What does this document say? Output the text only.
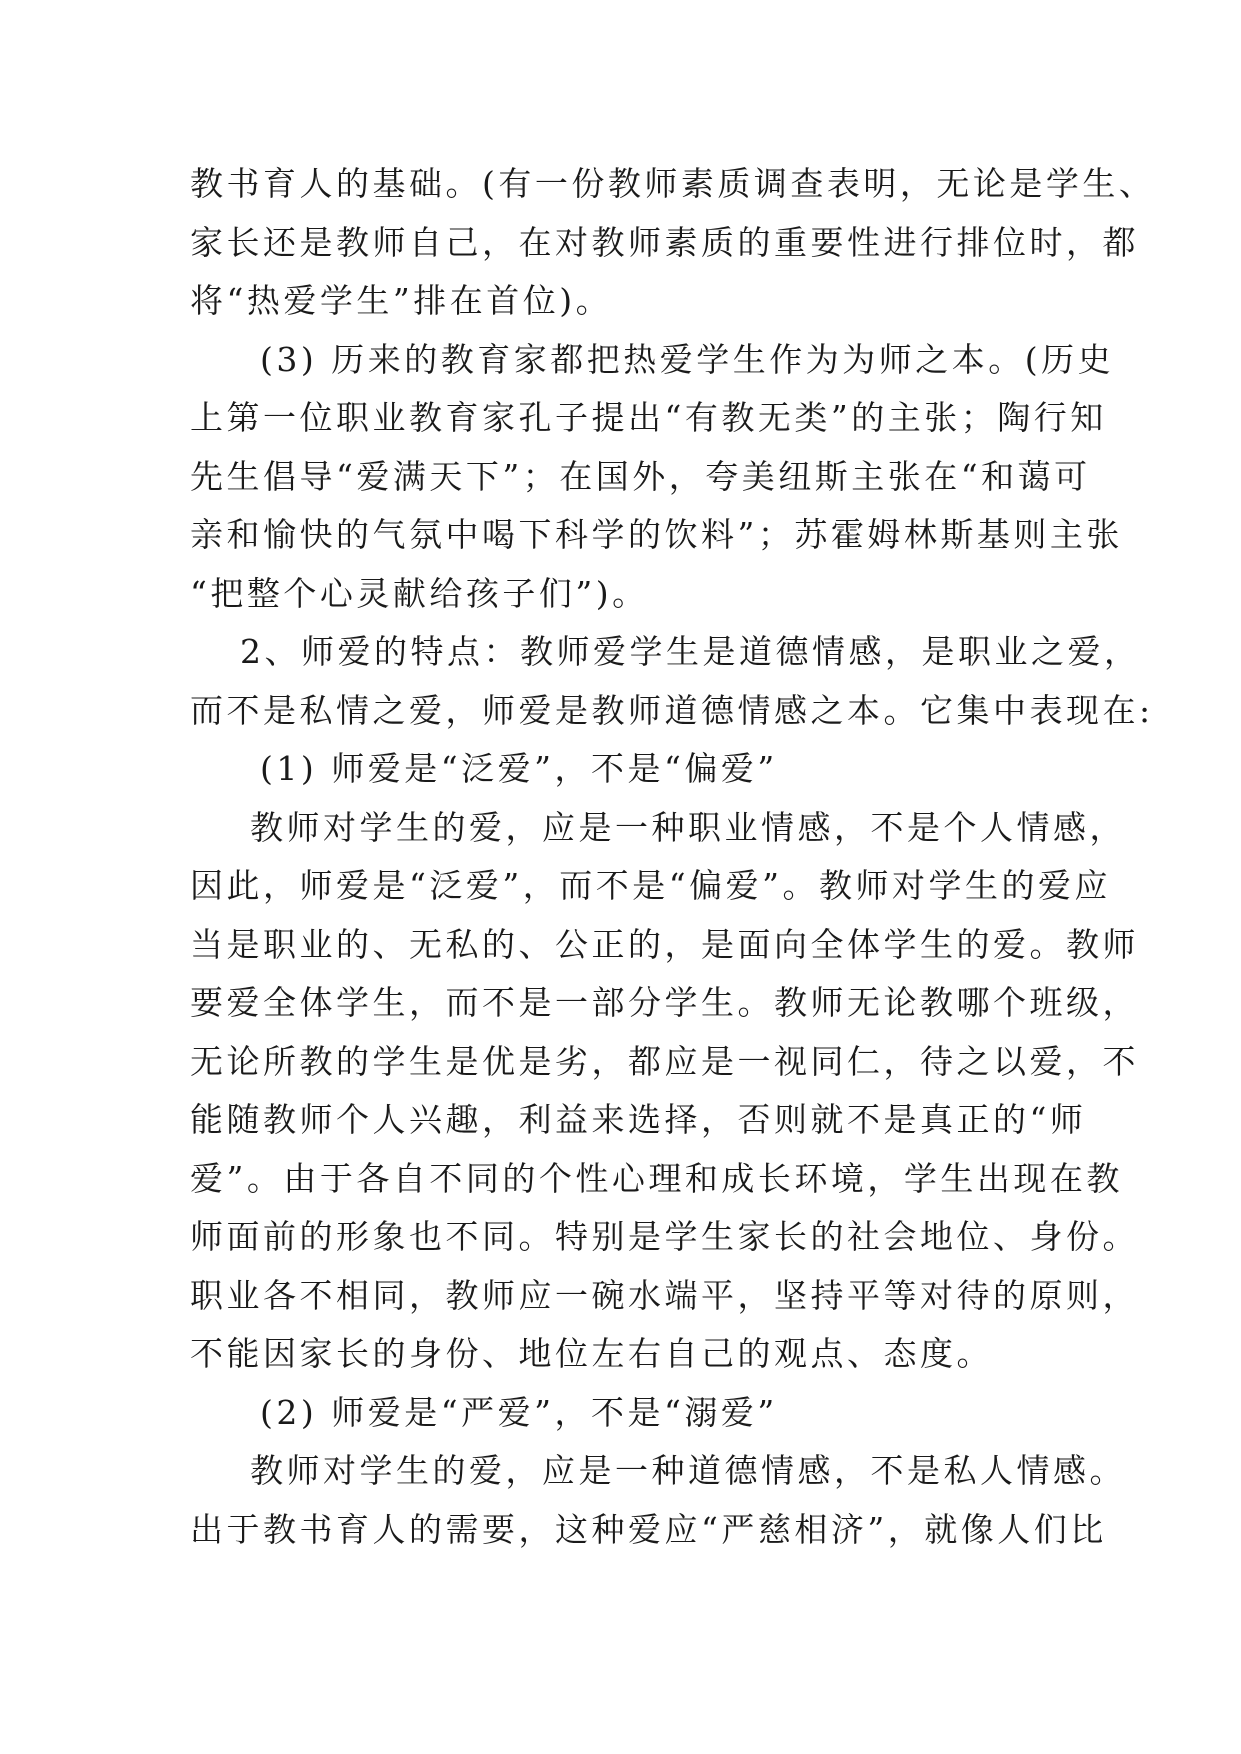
教书育人的基础。(有一份教师素质调查表明，无论是学生、
家长还是教师自己，在对教师素质的重要性进行排位时，都
将“热爱学生”排在首位)。
(3) 历来的教育家都把热爱学生作为为师之本。(历史
上第一位职业教育家孔子提出“有教无类”的主张；陶行知
先生倡导“爱满天下”；在国外，夸美纽斯主张在“和蔼可
亲和愉快的气氛中喝下科学的饮料”；苏霍姆林斯基则主张
“把整个心灵献给孩子们”)。
2、师爱的特点：教师爱学生是道德情感，是职业之爱，
而不是私情之爱，师爱是教师道德情感之本。它集中表现在:
(1) 师爱是“泛爱”，不是“偏爱”
教师对学生的爱，应是一种职业情感，不是个人情感，
因此，师爱是“泛爱”，而不是“偏爱”。教师对学生的爱应
当是职业的、无私的、公正的，是面向全体学生的爱。教师
要爱全体学生，而不是一部分学生。教师无论教哪个班级，
无论所教的学生是优是劣，都应是一视同仁，待之以爱，不
能随教师个人兴趣，利益来选择，否则就不是真正的“师
爱”。由于各自不同的个性心理和成长环境，学生出现在教
师面前的形象也不同。特别是学生家长的社会地位、身份。
职业各不相同，教师应一碗水端平，坚持平等对待的原则，
不能因家长的身份、地位左右自己的观点、态度。
(2) 师爱是“严爱”，不是“溺爱”
教师对学生的爱，应是一种道德情感，不是私人情感。
出于教书育人的需要，这种爱应“严慈相济”，就像人们比
